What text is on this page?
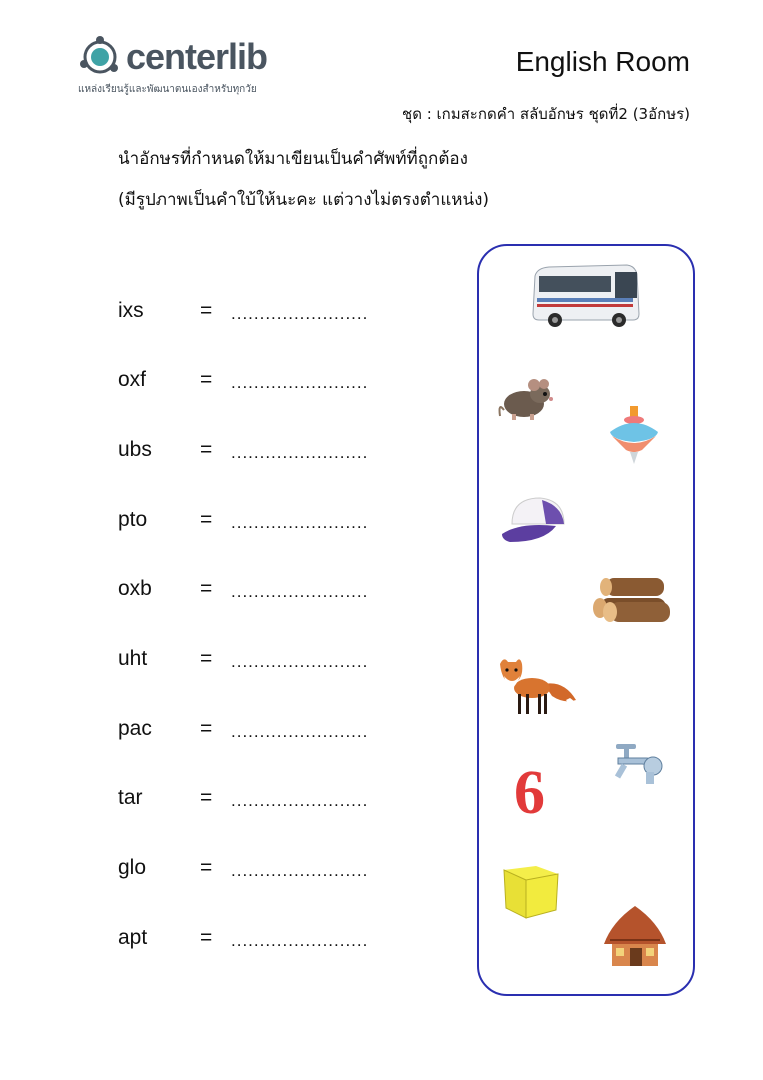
centerlib
แหล่งเรียนรู้และพัฒนาตนเองสำหรับทุกวัย
English Room
ชุด : เกมสะกดคำ สลับอักษร ชุดที่2 (3อักษร)
นำอักษรที่กำหนดให้มาเขียนเป็นคำศัพท์ที่ถูกต้อง
(มีรูปภาพเป็นคำใบ้ให้นะคะ แต่วางไม่ตรงตำแหน่ง)
ixs	= ........................
oxf	= ........................
ubs = ........................
pto	= ........................
oxb = ........................
uht	= ........................
pac = ........................
tar	= ........................
glo	= ........................
apt	= ........................
6
